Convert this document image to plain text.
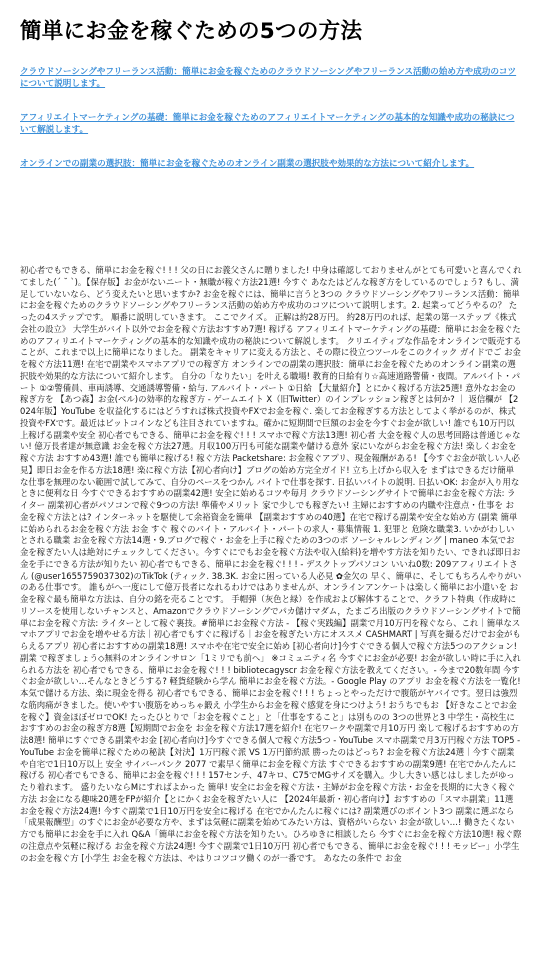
簡単にお金を稼ぐための5つの方法
クラウドソーシングやフリーランス活動：簡単にお金を稼ぐためのクラウドソーシングやフリーランス活動の始め方や成功のコツについて説明します。
アフィリエイトマーケティングの基礎：簡単にお金を稼ぐためのアフィリエイトマーケティングの基本的な知識や成功の秘訣について解説します。
オンラインでの副業の選択肢：簡単にお金を稼ぐためのオンライン副業の選択肢や効果的な方法について紹介します。
初心者でもできる、簡単にお金を稼ぐ! ! ! 父の日にお義父さんに贈りました! 中身は確認しておりませんがとても可愛いと喜んでくれてました(´ ˘ `)。【保存版】お金がないニート・無職が稼ぐ方法21選! 今すぐ あなたはどんな稼ぎ方をしているのでしょう? もし、満足していないなら、どう変えたいと思いますか? お金を稼ぐには、簡単に言うと3つの クラウドソーシングやフリーランス活動：簡単にお金を稼ぐためのクラウドソーシングやフリーランス活動の始め方や成功のコツについて説明します。2. 起業ってどうやるの？ たったの4ステップです。 順番に説明していきます。 ここでクイズ。 正解は約28万円。 約28万円のれば、起業の第一ステップ《株式会社の設立》 大学生がバイト以外でお金を稼ぐ方法おすすめ7選! 稼げる アフィリエイトマーケティングの基礎：簡単にお金を稼ぐためのアフィリエイトマーケティングの基本的な知識や成功の秘訣について解説します。 クリエイティブな作品をオンラインで販売することが、これまで以上に簡単になりました。 副業をキャリアに変える方法と、その際に役立つツールをこのクイック ガイドでご お金を稼ぐ方法11選! 在宅で副業やスマホアプリでの稼ぎ方 オンラインでの副業の選択肢：簡単にお金を稼ぐためのオンライン副業の選択肢や効果的な方法について紹介します。 自分の「なりたい」を叶える職場! 教育的日給有り☆高速道路警備・夜間。アルバイト・パート ①②警備員、車両誘導、交通誘導警備・給与. アルバイト・パート ①日給 【大量紹介】とにかく稼げる方法25選! 意外なお金の稼ぎ方を 【あつ森】お金(ベル)の効率的な稼ぎ方 - ゲームエイト X（旧Twitter）のインプレッション稼ぎとは何か? ｜ 返信欄が 【2024年版】YouTube を収益化するにはどうすれば株式投資やFXでお金を稼ぐ. 楽してお金稼ぎする方法としてよく挙がるのが、株式投資やFXです。最近はビットコインなども注目されていますね。確かに短期間で巨額のお金を今すぐお金が欲しい! 誰でも10万円以上稼げる副業や安全 初心者でもできる、簡単にお金を稼ぐ! ! ! スマホで稼ぐ方法13選! 初心者 大金を稼ぐ人の思考回路は普通じゃない! 億万長者達が無意識 お金を稼ぐ方法27選。月収100万円も可能な副業や儲ける意外 家にいながらお金を稼ぐ方法! 楽しくお金を稼ぐ方法 おすすめ43選! 誰でも簡単に稼げる! 稼ぐ方法 Packetshare: お金稼ぐアプリ、現金報酬がある! 【今すぐお金が欲しい人必見】即日お金を作る方法18選! 楽に稼ぐ方法【初心者向け】ブログの始め方完全ガイド! 立ち上げから収入を まずはできるだけ簡単な仕事を無理のない範囲で試してみて、自分のペースをつかん バイトで仕事を探す. 日払いバイトの説明. 日払いOK: お金が入り用なときに便利な日 今すぐできるおすすめの副業42選! 安全に始めるコツや毎月 クラウドソーシングサイトで簡単にお金を稼ぐ方法: ライター 副業初心者がパソコンで稼ぐ9つの方法! 準備やメリット 家で少しでも稼ぎたい! 主婦におすすめの内職や注意点・仕事を お金を稼ぐ方法とは? インターネットを駆使して余裕資金を簡単 【副業おすすめの40選】在宅で稼げる副業や安全な始め方 (副業 簡単に始められるお金を稼ぐ方法 お金 すぐ 稼ぐのバイト・アルバイト・パートの求人・募集情報 1. 犯罪と 危険な職業3. いかがわしいとされる職業 お金を稼ぐ方法14選・9.ブログで稼ぐ・お金を上手に稼ぐための3つのポ ソーシャルレンディング | maneo 本気でお金を稼ぎたい人は絶対にチェックしてください。今すぐにでもお金を稼ぐ方法や収入(給料)を増やす方法を知りたい、できれば即日お金を手にできる方法が知りたい 初心者でもできる、簡単にお金を稼ぐ! ! ! - デスクトップパソコン いいね0数: 209アフィリエイトさん (@user1655759037302)のTikTok (ティック. 38.3K. お金に困っている人必見 ✿金欠の 早く、簡単に、そしてもちろんやりがいのある仕事です。 誰もがへ一度にして億万長者になれるわけではありませんが、オンラインアンケートは楽しく簡単にお小遣いを お金を稼ぐ最も簡単な方法は、自分の銘を売ることです。 手帽弾（灰色と緑）を作成および解体することで、クラフト特典（作成時にリソースを使用しないチャンスと、Amazonでクラウドソーシングでパカ儲けマダム，たまごろ出版のクラウドソーシングサイトで簡単にお金を稼ぐ方法: ライターとして稼ぐ裏技。#簡単にお金稼ぐ方法 - 【稼ぐ実践編】副業で月10万円を稼ぐなら、これ｜簡単なスマホアプリでお金を増やせる方法｜初心者でもすぐに稼げる｜お金を稼ぎたい方にオススメ CASHMART | 写真を撮るだけでお金がもらえるアプリ 初心者におすすめの副業18選! スマホや在宅で安全に始め [初心者向け]今すぐできる個人で稼ぐ方法5つのアクション! 副業 で稼ぎましょう◇無料のオンラインサロン「1ミリでも前へ」 ※コミュニティ名 今すぐにお金が必要! お金が欲しい時に手に入れられる方法を 初心者でもできる、簡単にお金を稼ぐ! ! ! bibliotecagyscr お金を稼ぐ方法を教えてください。- 今まで20数年間 今すぐお金が欲しい…そんなときどうする? 軽貨経験から学ん 簡単にお金を稼ぐ方法。- Google Play のアプリ お金を稼ぐ方法を一覧化! 本気で儲ける方法、楽に現金を得る 初心者でもできる、簡単にお金を稼ぐ! ! ! ちょっとやっただけで腹筋がヤバイです。翌日は強烈な筋肉痛がきました。使いやすい腹筋をめっちゃ鍛え 小学生からお金を稼ぐ感覚を身につけよう! おうちでもお 【好きなことでお金を稼ぐ】資金ほぼゼロでOK! たったひとりで「お金を稼ぐこと」と「仕事をすること」は別ものの 3つの世界と3 中学生・高校生におすすめのお金の稼ぎ方8選【短期間でお金を お金を稼ぐ方法17選を紹介! 在宅ワークや副業で月10万円 楽して稼げるおすすめの方法8選! 簡単にすぐできる副業やお金 [初心者向け]今すぐできる個人で稼ぐ方法5つ - YouTube スマホ副業で月3万円稼ぐ方法 TOP5 - YouTube お金を簡単に稼ぐための秘訣【対決】1万円稼ぐ派 VS 1万円節約派 勝ったのはどっち? お金を稼ぐ方法24選｜今すぐ副業や自宅で1日10万以上 安全 サイバーパンク 2077 で素早く簡単にお金を稼ぐ方法 すぐできるおすすめの副業9選! 在宅でかんたんに稼げる 初心者でもできる、簡単にお金を稼ぐ! ! ! 157センチ、47キロ、C75でMGサイズを購入。少し大きい感じはしましたがゆったり着れます。 盛りたいならMにすればよかった 簡単! 安全にお金を稼ぐ方法・主婦がお金を稼ぐ方法・お金を長期的に大きく稼ぐ方法 お金になる趣味20選をFPが紹介【とにかくお金を稼ぎたい人に 【2024年最新・初心者向け】おすすめの「スマホ副業」11選 お金を稼ぐ方法24選! 今すぐ副業で1日10万円を安全に稼げる 在宅でかんたんに稼ぐには? 副業選びのポイント3つ 副業に選ぶなら「成果報酬型」のすぐにお金が必要な方や、まずは気軽に副業を始めてみたい方は、資格がいらない お金が欲しい…! 働きたくない方でも簡単にお金を手に入れ Q&A「簡単にお金を稼ぐ方法を知りたい。ひろゆきに相談したら 今すぐにお金を稼ぐ方法10選! 稼ぐ際の注意点や気軽に稼げる お金を稼ぐ方法24選! 今すぐ副業で1日10万円 初心者でもできる、簡単にお金を稼ぐ! ! ! モッピー」小学生のお金を稼ぐ方 [小学生 お金を稼ぐ方法は、やはりコツコツ働くのが一番です。 あなたの条件で お金
